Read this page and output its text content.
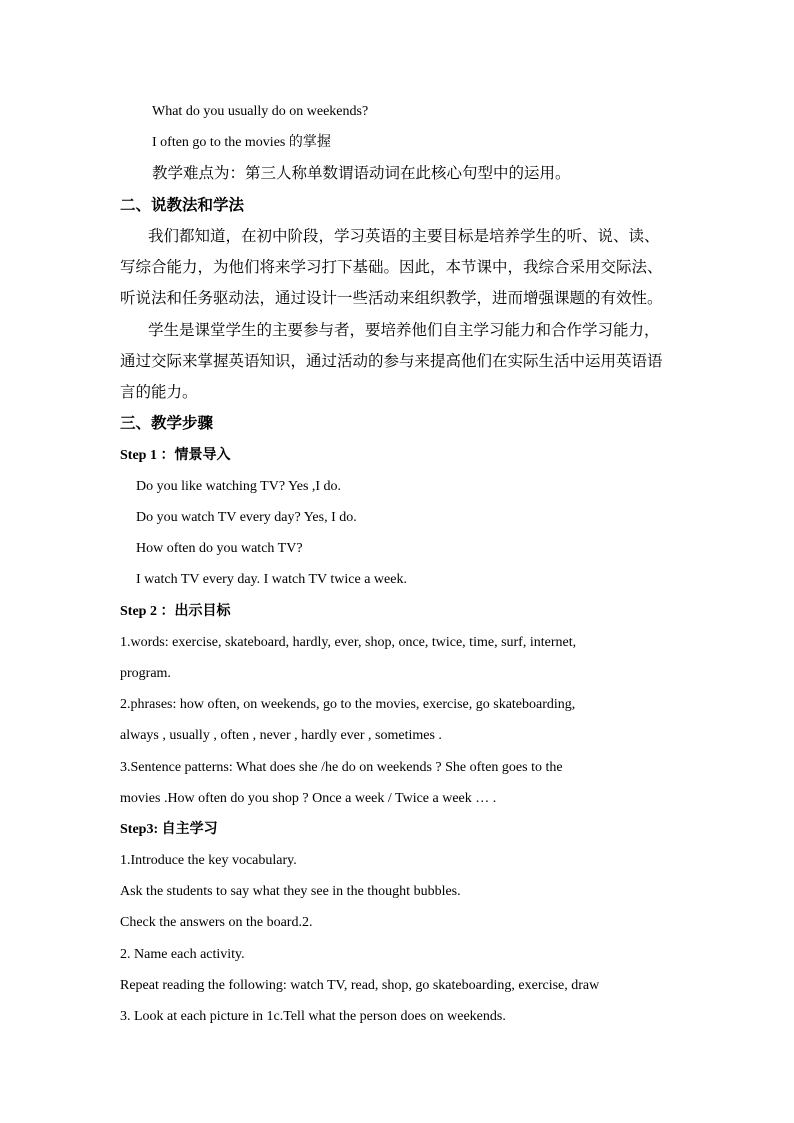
What do you usually do on weekends?
I often go to the movies 的掌握
教学难点为：第三人称单数谓语动词在此核心句型中的运用。
二、说教法和学法
我们都知道，在初中阶段，学习英语的主要目标是培养学生的听、说、读、
写综合能力，为他们将来学习打下基础。因此，本节课中，我综合采用交际法、
听说法和任务驱动法，通过设计一些活动来组织教学，进而增强课题的有效性。
学生是课堂学生的主要参与者，要培养他们自主学习能力和合作学习能力，
通过交际来掌握英语知识，通过活动的参与来提高他们在实际生活中运用英语语
言的能力。
三、教学步骤
Step 1 ：情景导入
Do you like watching TV? Yes ,I do.
Do you watch TV every day? Yes, I do.
How often do you watch TV?
I watch TV every day. I watch TV twice a week.
Step 2 ：出示目标
1.words: exercise, skateboard, hardly, ever, shop, once, twice, time, surf, internet,
program.
2.phrases: how often, on weekends, go to the movies, exercise, go skateboarding,
always , usually , often , never , hardly ever , sometimes .
3.Sentence patterns: What does she /he do on weekends ? She often goes to the
movies .How often do you shop ? Once a week / Twice a week … .
Step3: 自主学习
1.Introduce the key vocabulary.
Ask the students to say what they see in the thought bubbles.
Check the answers on the board.2.
2. Name each activity.
Repeat reading the following: watch TV, read, shop, go skateboarding, exercise, draw
3. Look at each picture in 1c.Tell what the person does on weekends.
